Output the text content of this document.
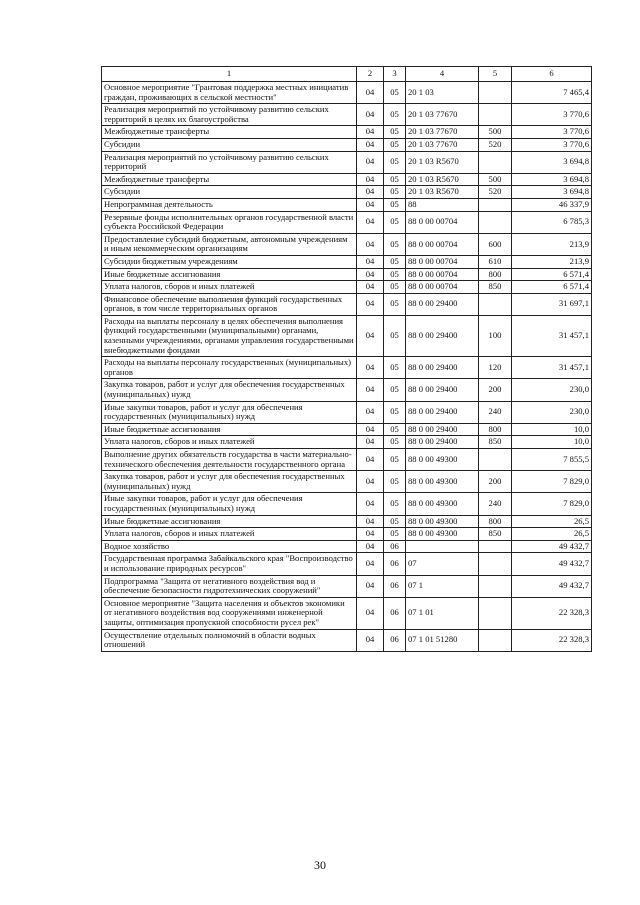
1	2	3	4	5	6
Основное мероприятие "Грантовая поддержка местных инициатив граждан, проживающих в сельской местности"	04	05	20 1 03		7 465,4
Реализация мероприятий по устойчивому развитию сельских территорий в целях их благоустройства	04	05	20 1 03 77670		3 770,6
Межбюджетные трансферты	04	05	20 1 03 77670	500	3 770,6
Субсидии	04	05	20 1 03 77670	520	3 770,6
Реализация мероприятий по устойчивому развитию сельских территорий	04	05	20 1 03 R5670		3 694,8
Межбюджетные трансферты	04	05	20 1 03 R5670	500	3 694,8
Субсидии	04	05	20 1 03 R5670	520	3 694,8
Непрограммная деятельность	04	05	88		46 337,9
Резервные фонды исполнительных органов государственной власти субъекта Российской Федерации	04	05	88 0 00 00704		6 785,3
Предоставление субсидий бюджетным, автономным учреждениям и иным некоммерческим организациям	04	05	88 0 00 00704	600	213,9
Субсидии бюджетным учреждениям	04	05	88 0 00 00704	610	213,9
Иные бюджетные ассигнования	04	05	88 0 00 00704	800	6 571,4
Уплата налогов, сборов и иных платежей	04	05	88 0 00 00704	850	6 571,4
Финансовое обеспечение выполнения функций государственных органов, в том числе территориальных органов	04	05	88 0 00 29400		31 697,1
Расходы на выплаты персоналу в целях обеспечения выполнения функций государственными (муниципальными) органами, казенными учреждениями, органами управления государственными внебюджетными фондами	04	05	88 0 00 29400	100	31 457,1
Расходы на выплаты персоналу государственных (муниципальных) органов	04	05	88 0 00 29400	120	31 457,1
Закупка товаров, работ и услуг для обеспечения государственных (муниципальных) нужд	04	05	88 0 00 29400	200	230,0
Иные закупки товаров, работ и услуг для обеспечения государственных (муниципальных) нужд	04	05	88 0 00 29400	240	230,0
Иные бюджетные ассигнования	04	05	88 0 00 29400	800	10,0
Уплата налогов, сборов и иных платежей	04	05	88 0 00 29400	850	10,0
Выполнение других обязательств государства в части материально-технического обеспечения деятельности государственного органа	04	05	88 0 00 49300		7 855,5
Закупка товаров, работ и услуг для обеспечения государственных (муниципальных) нужд	04	05	88 0 00 49300	200	7 829,0
Иные закупки товаров, работ и услуг для обеспечения государственных (муниципальных) нужд	04	05	88 0 00 49300	240	7 829,0
Иные бюджетные ассигнования	04	05	88 0 00 49300	800	26,5
Уплата налогов, сборов и иных платежей	04	05	88 0 00 49300	850	26,5
Водное хозяйство	04	06			49 432,7
Государственная программа Забайкальского края "Воспроизводство и использование природных ресурсов"	04	06	07		49 432,7
Подпрограмма "Защита от негативного воздействия вод и обеспечение безопасности гидротехнических сооружений"	04	06	07 1		49 432,7
Основное мероприятие "Защита населения и объектов экономики от негативного воздействия вод сооружениями инженерной защиты, оптимизация пропускной способности русел рек"	04	06	07 1 01		22 328,3
Осуществление отдельных полномочий в области водных отношений	04	06	07 1 01 51280		22 328,3
30
